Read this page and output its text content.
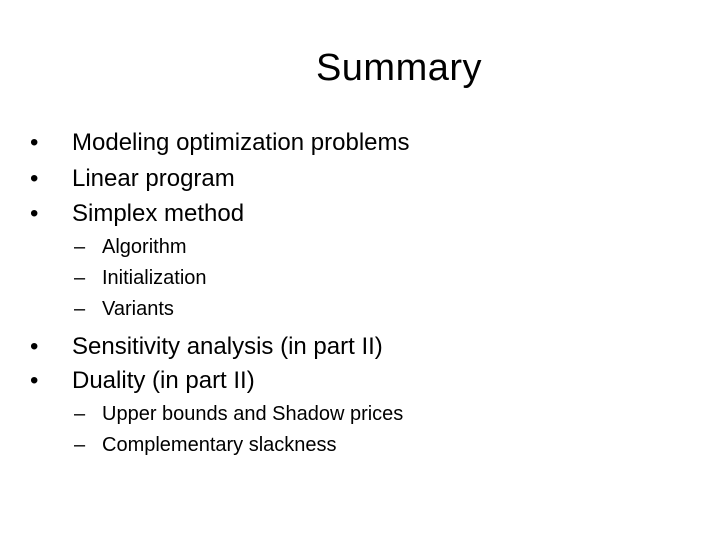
Summary
•	Modeling optimization problems
•	Linear program
•	Simplex method
– Algorithm
– Initialization
– Variants
•	Sensitivity analysis (in part II)
•	Duality (in part II)
– Upper bounds and Shadow prices
– Complementary slackness
